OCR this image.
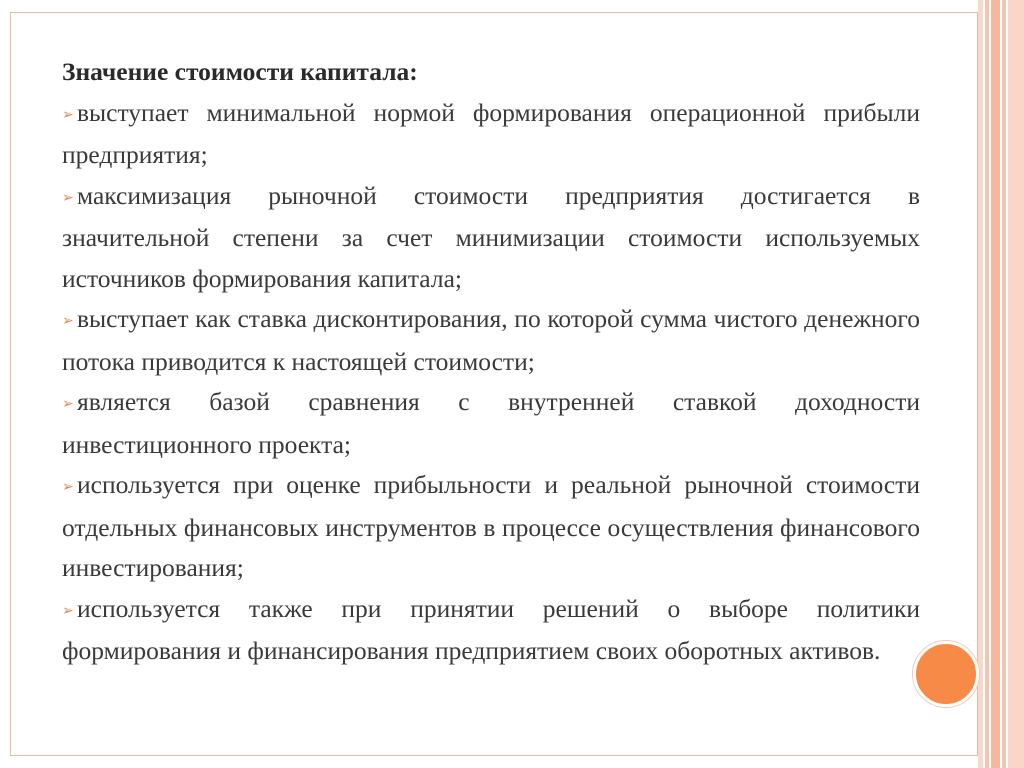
Значение стоимости капитала:

➢ выступает минимальной нормой формирования операционной прибыли предприятия;

➢ максимизация рыночной стоимости предприятия достигается в значительной степени за счет минимизации стоимости используемых источников формирования капитала;

➢ выступает как ставка дисконтирования, по которой сумма чистого денежного потока приводится к настоящей стоимости;

➢ является базой сравнения с внутренней ставкой доходности инвестиционного проекта;

➢ используется при оценке прибыльности и реальной рыночной стоимости отдельных финансовых инструментов в процессе осуществления финансового инвестирования;

➢ используется также при принятии решений о выборе политики формирования и финансирования предприятием своих оборотных активов.
